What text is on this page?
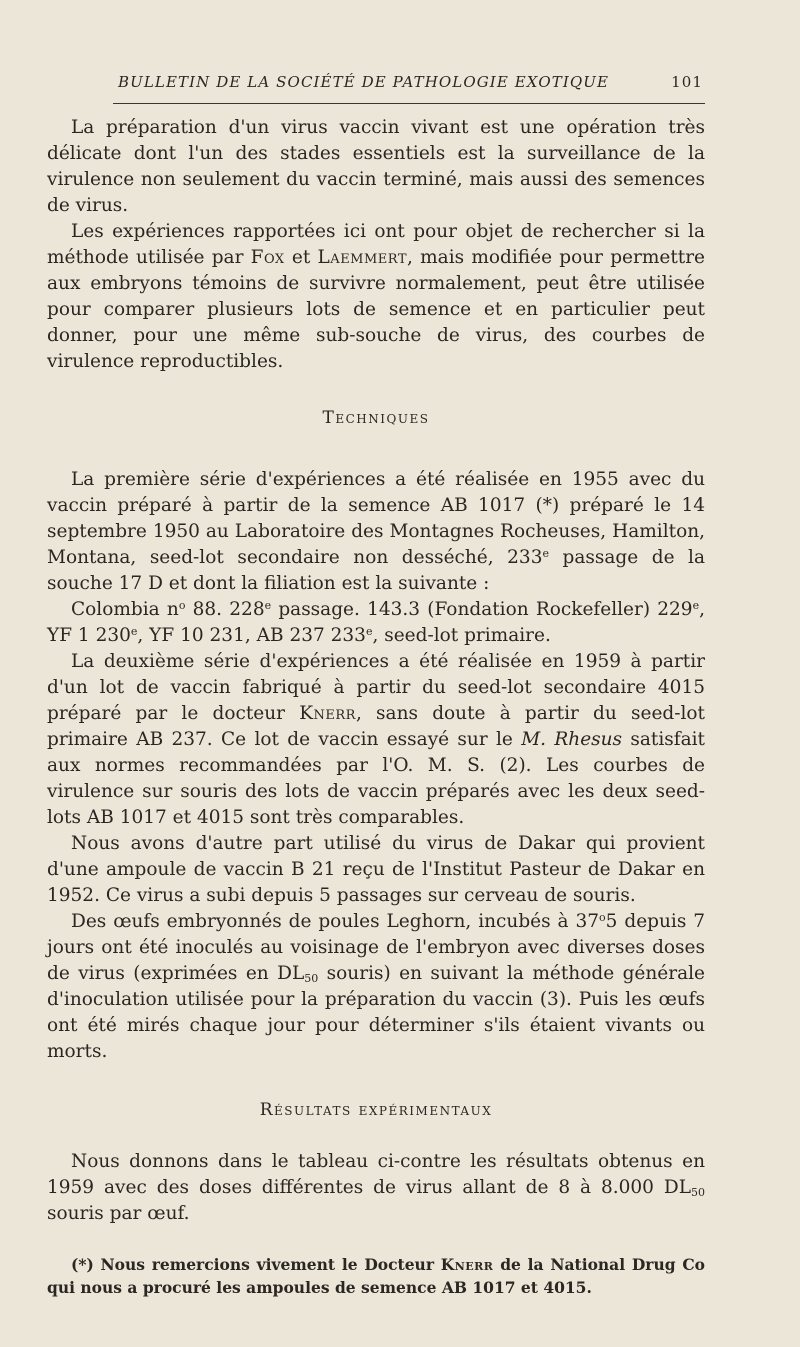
BULLETIN DE LA SOCIÉTÉ DE PATHOLOGIE EXOTIQUE	101

La préparation d'un virus vaccin vivant est une opération très délicate dont l'un des stades essentiels est la surveillance de la virulence non seulement du vaccin terminé, mais aussi des semences de virus.

Les expériences rapportées ici ont pour objet de rechercher si la méthode utilisée par Fox et Laemmert, mais modifiée pour permettre aux embryons témoins de survivre normalement, peut être utilisée pour comparer plusieurs lots de semence et en particulier peut donner, pour une même sub-souche de virus, des courbes de virulence reproductibles.

Techniques

La première série d'expériences a été réalisée en 1955 avec du vaccin préparé à partir de la semence AB 1017 (*) préparé le 14 septembre 1950 au Laboratoire des Montagnes Rocheuses, Hamilton, Montana, seed-lot secondaire non desséché, 233e passage de la souche 17 D et dont la filiation est la suivante :

Colombia $n^o$ 88. 228e passage. 143.3 (Fondation Rockefeller) 229e, YF 1 230e, YF 10 231, AB 237 233e, seed-lot primaire.

La deuxième série d'expériences a été réalisée en 1959 à partir d'un lot de vaccin fabriqué à partir du seed-lot secondaire 4015 préparé par le docteur Knerr, sans doute à partir du seed-lot primaire AB 237. Ce lot de vaccin essayé sur le M. Rhesus satisfait aux normes recommandées par l'O. M. S. (2). Les courbes de virulence sur souris des lots de vaccin préparés avec les deux seed-lots AB 1017 et 4015 sont très comparables.

Nous avons d'autre part utilisé du virus de Dakar qui provient d'une ampoule de vaccin B 21 reçu de l'Institut Pasteur de Dakar en 1952. Ce virus a subi depuis 5 passages sur cerveau de souris.

Des œufs embryonnés de poules Leghorn, incubés à 37$^o$5 depuis 7 jours ont été inoculés au voisinage de l'embryon avec diverses doses de virus (exprimées en $DL_{50}$ souris) en suivant la méthode générale d'inoculation utilisée pour la préparation du vaccin (3). Puis les œufs ont été mirés chaque jour pour déterminer s'ils étaient vivants ou morts.

Résultats expérimentaux

Nous donnons dans le tableau ci-contre les résultats obtenus en 1959 avec des doses différentes de virus allant de 8 à 8.000 $DL_{50}$ souris par œuf.

(*) Nous remercions vivement le Docteur Knerr de la National Drug Co qui nous a procuré les ampoules de semence AB 1017 et 4015.
